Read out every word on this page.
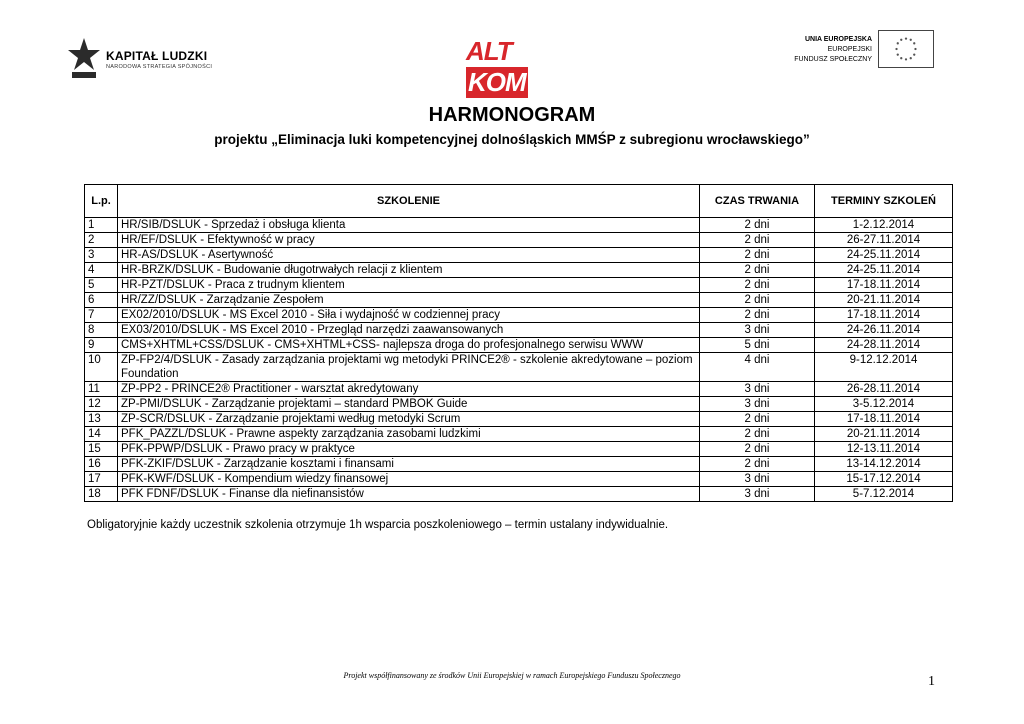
KAPITAŁ LUDZKI
NARODOWA STRATEGIA SPÓJNOŚCI
ALTKOM
UNIA EUROPEJSKA
EUROPEJSKI
FUNDUSZ SPOŁECZNY
HARMONOGRAM
projektu „Eliminacja luki kompetencyjnej dolnośląskich MMŚP z subregionu wrocławskiego”
L.p.	SZKOLENIE	CZAS TRWANIA	TERMINY SZKOLEŃ
1	HR/SIB/DSLUK - Sprzedaż i obsługa klienta	2 dni	1-2.12.2014
2	HR/EF/DSLUK - Efektywność w pracy	2 dni	26-27.11.2014
3	HR-AS/DSLUK - Asertywność	2 dni	24-25.11.2014
4	HR-BRZK/DSLUK - Budowanie długotrwałych relacji z klientem	2 dni	24-25.11.2014
5	HR-PZT/DSLUK - Praca z trudnym klientem	2 dni	17-18.11.2014
6	HR/ZZ/DSLUK - Zarządzanie Zespołem	2 dni	20-21.11.2014
7	EX02/2010/DSLUK - MS Excel 2010 - Siła i wydajność w codziennej pracy	2 dni	17-18.11.2014
8	EX03/2010/DSLUK - MS Excel 2010 - Przegląd narzędzi zaawansowanych	3 dni	24-26.11.2014
9	CMS+XHTML+CSS/DSLUK - CMS+XHTML+CSS- najlepsza droga do profesjonalnego serwisu WWW	5 dni	24-28.11.2014
10	ZP-FP2/4/DSLUK - Zasady zarządzania projektami wg metodyki PRINCE2® - szkolenie akredytowane – poziom Foundation	4 dni	9-12.12.2014
11	ZP-PP2 - PRINCE2® Practitioner - warsztat akredytowany	3 dni	26-28.11.2014
12	ZP-PMI/DSLUK - Zarządzanie projektami – standard PMBOK Guide	3 dni	3-5.12.2014
13	ZP-SCR/DSLUK - Zarządzanie projektami według metodyki Scrum	2 dni	17-18.11.2014
14	PFK_PAZZL/DSLUK - Prawne aspekty zarządzania zasobami ludzkimi	2 dni	20-21.11.2014
15	PFK-PPWP/DSLUK - Prawo pracy w praktyce	2 dni	12-13.11.2014
16	PFK-ZKIF/DSLUK - Zarządzanie kosztami i finansami	2 dni	13-14.12.2014
17	PFK-KWF/DSLUK - Kompendium wiedzy finansowej	3 dni	15-17.12.2014
18	PFK FDNF/DSLUK - Finanse dla niefinansistów	3 dni	5-7.12.2014
Obligatoryjnie każdy uczestnik szkolenia otrzymuje 1h wsparcia poszkoleniowego – termin ustalany indywidualnie.
Projekt współfinansowany ze środków Unii Europejskiej w ramach Europejskiego Funduszu Społecznego	1
